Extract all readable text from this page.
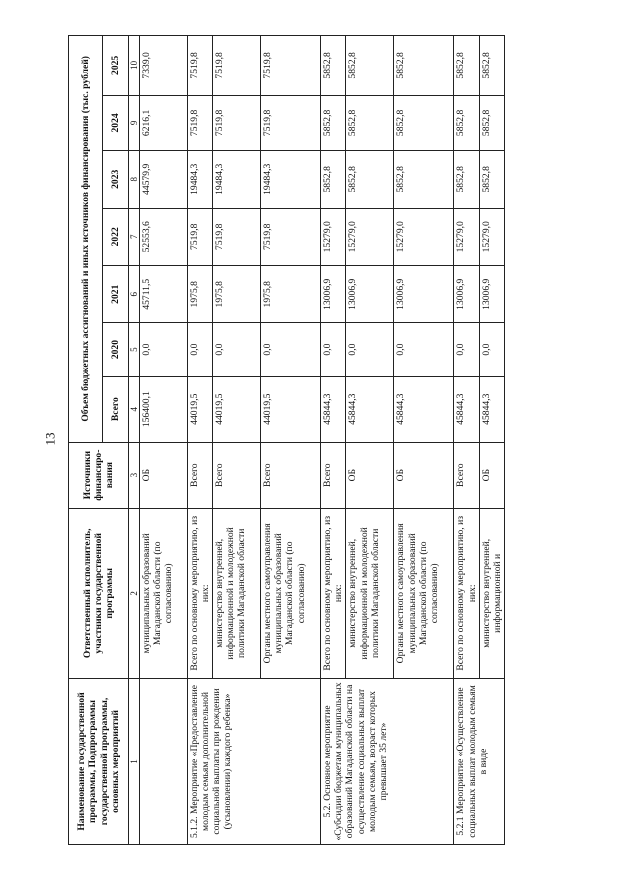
13
Наименование государственной программы, Подпрограммы государственной программы, основных мероприятий	Ответственный исполнитель, участники государственной программы	Источники финансиро-вания	Объем бюджетных ассигнований и иных источников финансирования (тыс. рублей)						
			Всего	2020	2021	2022	2023	2024	2025
1	2	3	4	5	6	7	8	9	10
	муниципальных образований Магаданской области (по согласованию)	ОБ	156400,1	0,0	45711,5	52553,6	44579,9	6216,1	7339,0
5.1.2. Мероприятие «Предоставление молодым семьям дополнительной социальной выплаты при рождении (усыновлении) каждого ребенка»	Всего по основному мероприятию, из них:	Всего	44019,5	0,0	1975,8	7519,8	19484,3	7519,8	7519,8
	министерство внутренней, информационной и молодежной политики Магаданской области	Всего	44019,5	0,0	1975,8	7519,8	19484,3	7519,8	7519,8
	Органы местного самоуправления муниципальных образований Магаданской области (по согласованию)	Всего	44019,5	0,0	1975,8	7519,8	19484,3	7519,8	7519,8
5.2. Основное мероприятие «Субсидии бюджетам муниципальных образований Магаданской области на осуществление социальных выплат молодым семьям, возраст которых превышает 35 лет»	Всего по основному мероприятию, из них:	Всего	45844,3	0,0	13006,9	15279,0	5852,8	5852,8	5852,8
	министерство внутренней, информационной и молодежной политики Магаданской области	ОБ	45844,3	0,0	13006,9	15279,0	5852,8	5852,8	5852,8
	Органы местного самоуправления муниципальных образований Магаданской области (по согласованию)	ОБ	45844,3	0,0	13006,9	15279,0	5852,8	5852,8	5852,8
5.2.1 Мероприятие «Осуществление социальных выплат молодым семьям в виде	Всего по основному мероприятию, из них:	Всего	45844,3	0,0	13006,9	15279,0	5852,8	5852,8	5852,8
	министерство внутренней, информационной и	ОБ	45844,3	0,0	13006,9	15279,0	5852,8	5852,8	5852,8
